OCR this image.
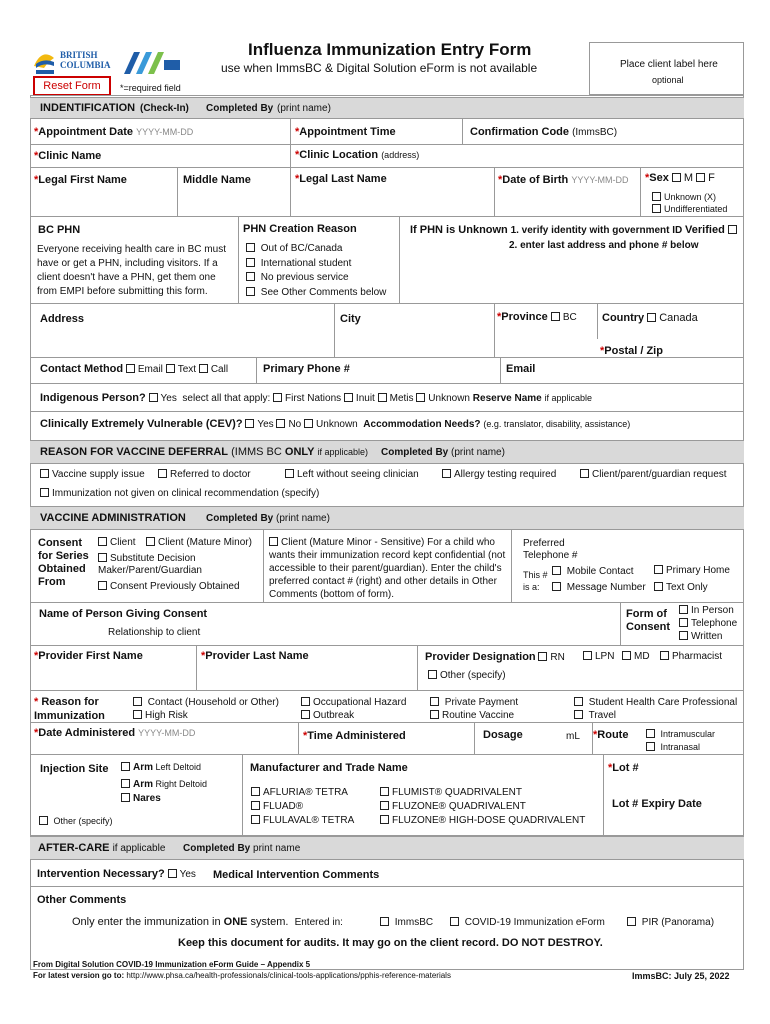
BRITISH COLUMBIA
Influenza Immunization Entry Form
use when ImmsBC & Digital Solution eForm is not available	Place client label here
optional
Reset Form	*=required field
INDENTIFICATION (Check-In) Completed By (print name)
*Appointment Date YYYY-MM-DD	*Appointment Time	Confirmation Code (ImmsBC)
*Clinic Name	*Clinic Location (address)
*Legal First Name	Middle Name	*Legal Last Name	*Date of Birth YYYY-MM-DD *Sex M F
Unknown (X)
Undifferentiated
BC PHN
Everyone receiving health care in BC must have or get a PHN, including visitors. If a client doesn't have a PHN, get them one from EMPI before submitting this form.
PHN Creation Reason
Out of BC/Canada
International student
No previous service
See Other Comments below
If PHN is Unknown 1. verify identity with government ID Verified
2. enter last address and phone # below
Address	City	*Province BC Country Canada
*Postal / Zip
Contact Method Email Text Call	Primary Phone #	Email
Indigenous Person? Yes select all that apply: First Nations Inuit Metis Unknown Reserve Name if applicable
Clinically Extremely Vulnerable (CEV)? Yes No Unknown Accommodation Needs? (e.g. translator, disability, assistance)
REASON FOR VACCINE DEFERRAL (IMMS BC ONLY if applicable) Completed By (print name)
Vaccine supply issue	Referred to doctor	Left without seeing clinician	Allergy testing required	Client/parent/guardian request
Immunization not given on clinical recommendation (specify)
VACCINE ADMINISTRATION Completed By (print name)
Consent for Series Obtained From
Client	Client (Mature Minor)
Substitute Decision Maker/Parent/Guardian
Consent Previously Obtained
Client (Mature Minor - Sensitive) For a child who wants their immunization record kept confidential (not accessible to their parent/guardian). Enter the child's preferred contact # (right) and other details in Other Comments (bottom of form).
Preferred Telephone #
This # is a:
Mobile Contact
Message Number
Primary Home
Text Only
Name of Person Giving Consent
Relationship to client
Form of Consent
In Person
Telephone
Written
*Provider First Name	*Provider Last Name	Provider Designation RN	LPN	MD	Pharmacist
Other (specify)
* Reason for Immunization
Contact (Household or Other)
High Risk
Occupational Hazard
Outbreak
Private Payment
Routine Vaccine
Student Health Care Professional
Travel
*Date Administered YYYY-MM-DD	*Time Administered	Dosage	mL *Route	Intramuscular
Intranasal
Injection Site	Arm Left Deltoid
Arm Right Deltoid
Nares
Other (specify)
Manufacturer and Trade Name
AFLURIA® TETRA
FLUAD®
FLULAVAL® TETRA
FLUMIST® QUADRIVALENT
FLUZONE® QUADRIVALENT
FLUZONE® HIGH-DOSE QUADRIVALENT
*Lot #
Lot # Expiry Date
AFTER-CARE if applicable Completed By print name
Intervention Necessary? Yes Medical Intervention Comments
Other Comments
Only enter the immunization in ONE system. Entered in:	ImmsBC	COVID-19 Immunization eForm	PIR (Panorama)
Keep this document for audits. It may go on the client record. DO NOT DESTROY.
From Digital Solution COVID-19 Immunization eForm Guide – Appendix 5
For latest version go to: http://www.phsa.ca/health-professionals/clinical-tools-applications/pphis-reference-materials	ImmsBC: July 25, 2022
